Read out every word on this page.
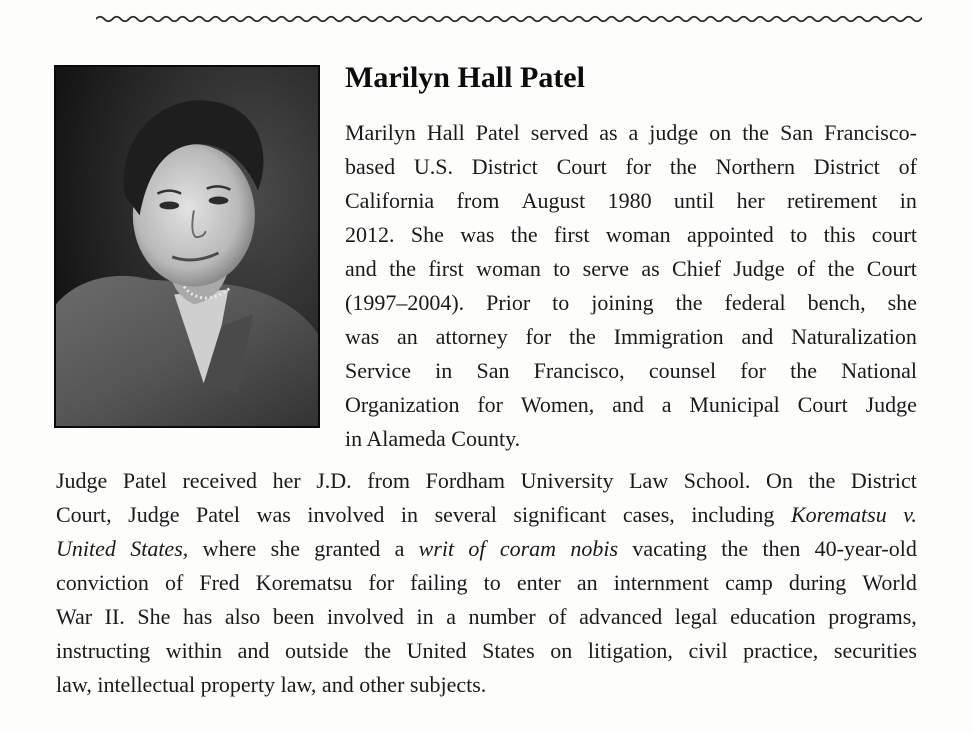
Marilyn Hall Patel
Marilyn Hall Patel served as a judge on the San Francisco-
based U.S. District Court for the Northern District of
California from August 1980 until her retirement in
2012. She was the first woman appointed to this court
and the first woman to serve as Chief Judge of the Court
(1997–2004). Prior to joining the federal bench, she
was an attorney for the Immigration and Naturalization
Service in San Francisco, counsel for the National
Organization for Women, and a Municipal Court Judge
in Alameda County.
Judge Patel received her J.D. from Fordham University Law School. On the District
Court, Judge Patel was involved in several significant cases, including Korematsu v.
United States, where she granted a writ of coram nobis vacating the then 40-year-old
conviction of Fred Korematsu for failing to enter an internment camp during World
War II. She has also been involved in a number of advanced legal education programs,
instructing within and outside the United States on litigation, civil practice, securities
law, intellectual property law, and other subjects.
